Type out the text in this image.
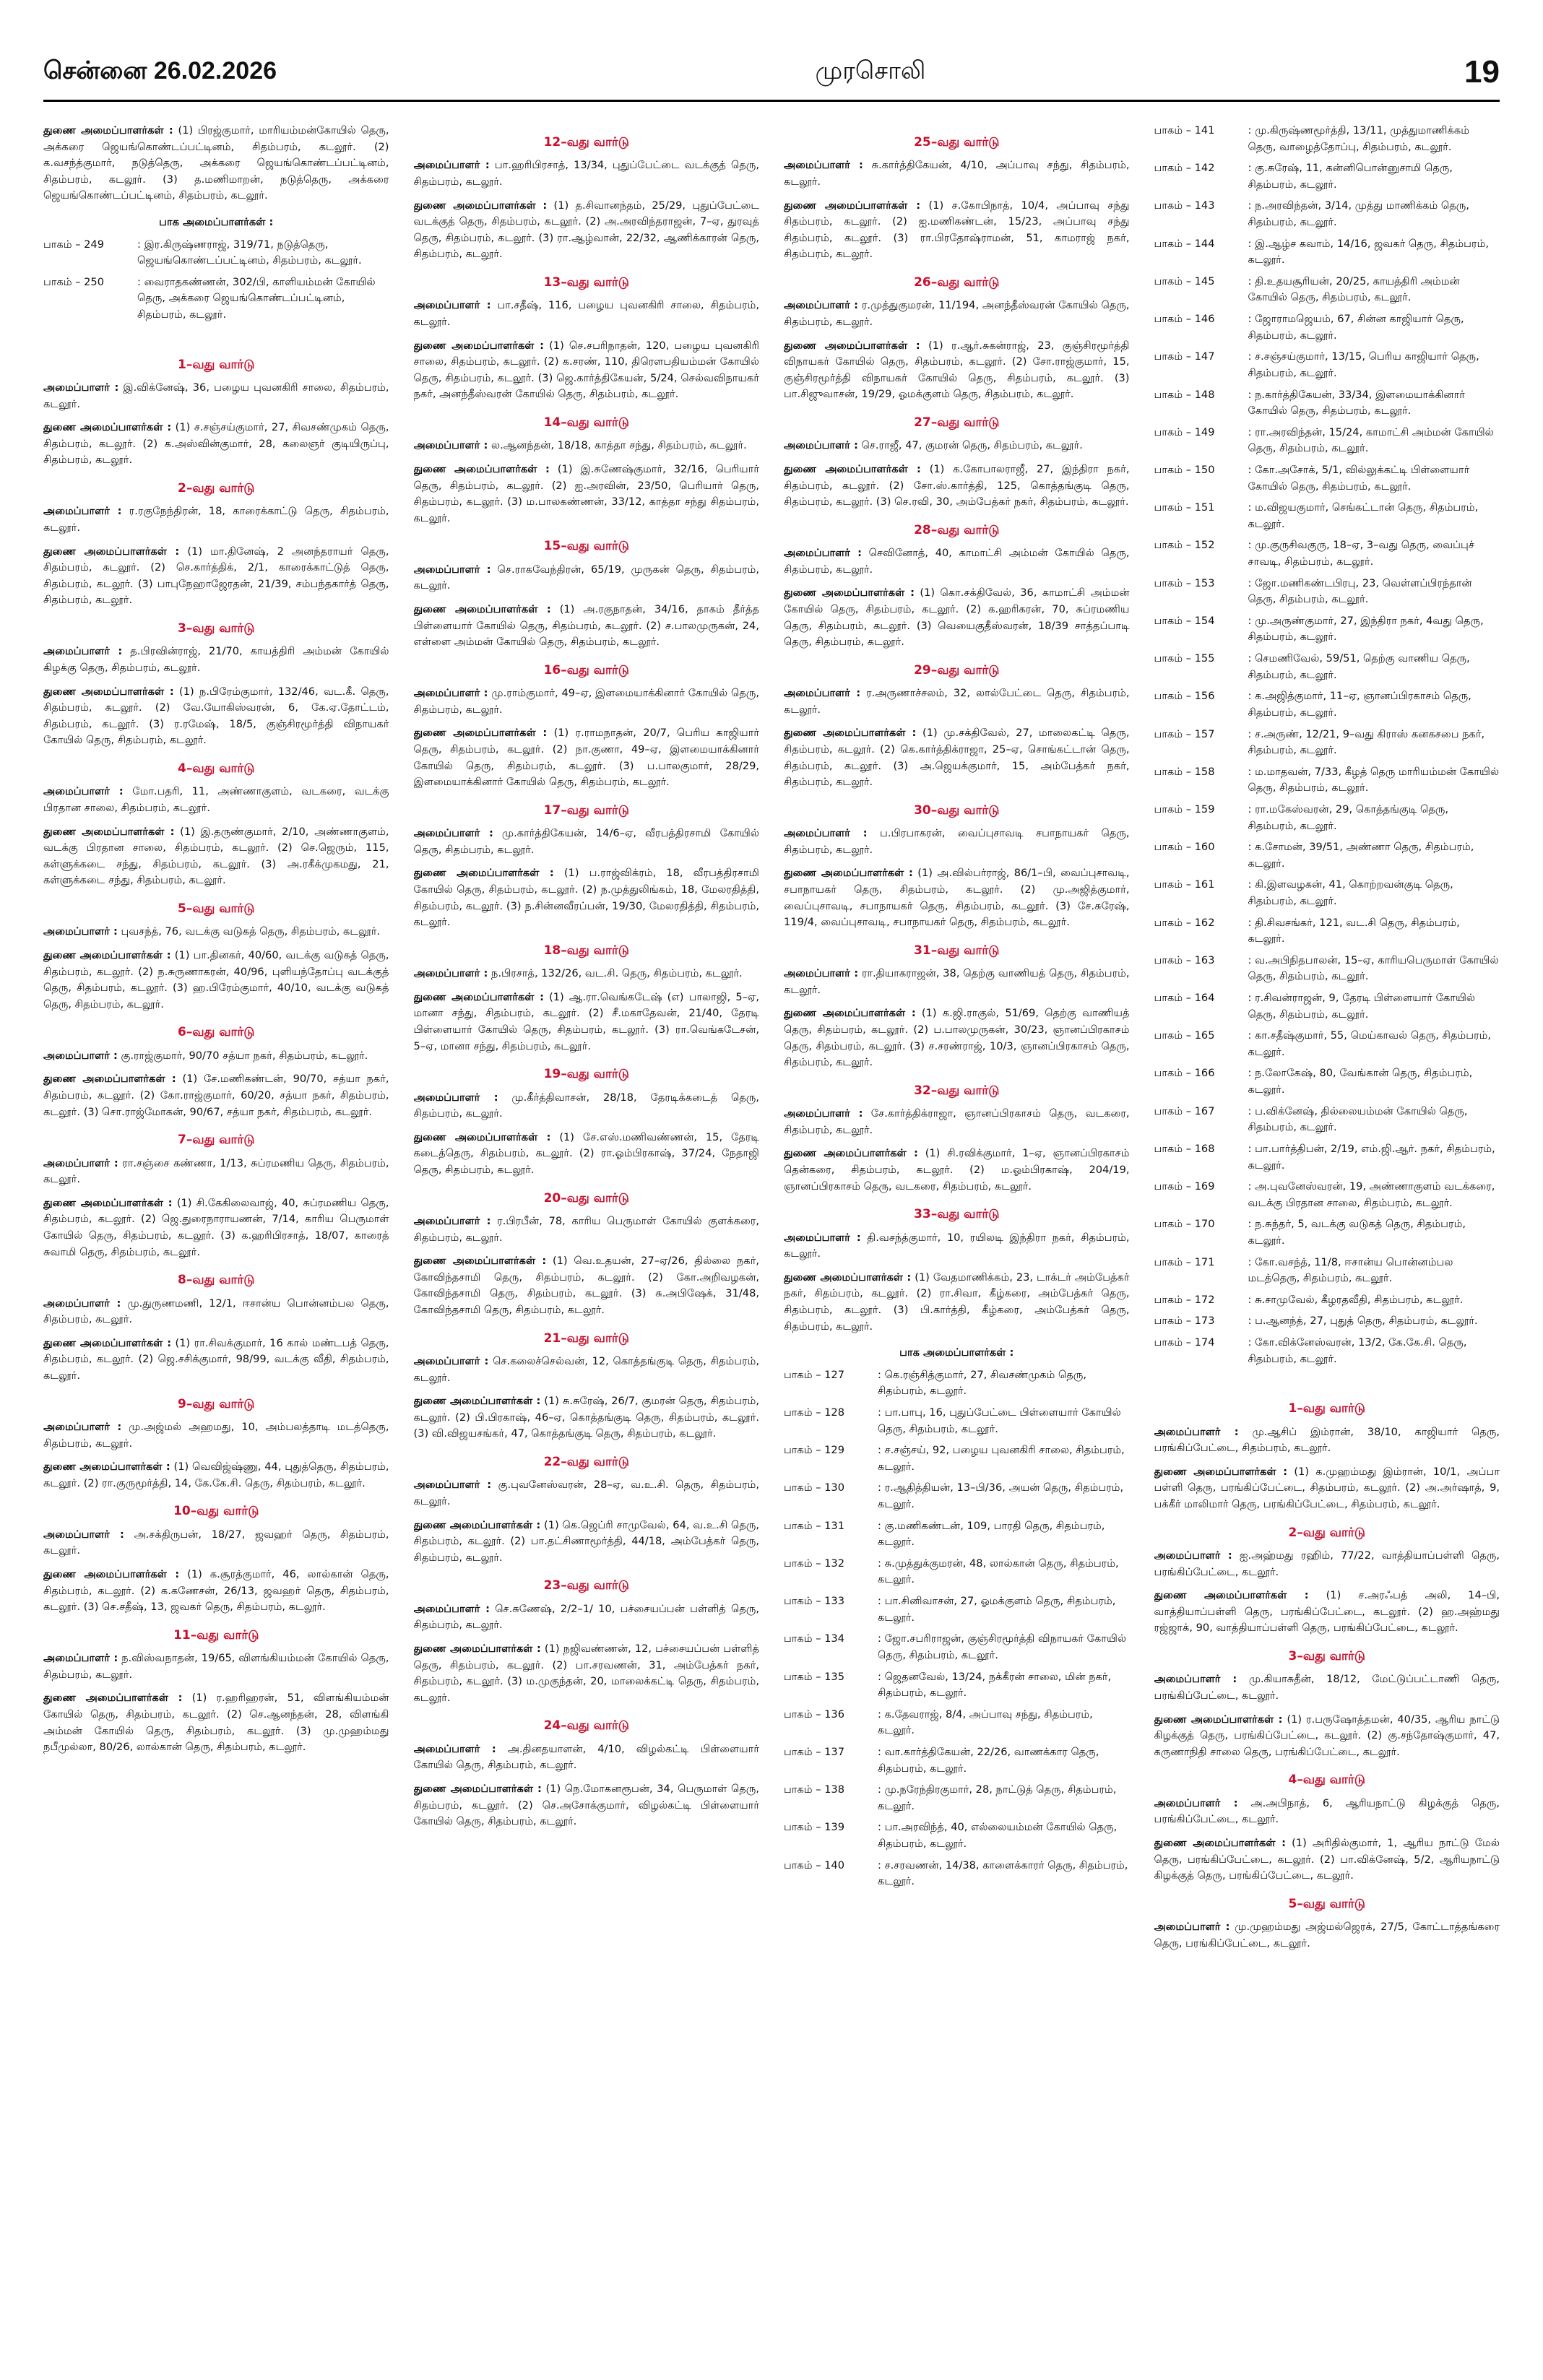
சென்னை 26.02.2026	முரசொலி	19

துணை அமைப்பாளர்கள் : (1) பிரஜ்குமார், மாரியம்மன்கோயில் தெரு, அக்கரை ஜெயங்கொண்டப்பட்டினம், சிதம்பரம், கடலூர். (2) க.வசந்த்குமார், நடுத்தெரு, அக்கரை ஜெயங்கொண்டப்பட்டினம், சிதம்பரம், கடலூர். (3) த.மணிமாறன், நடுத்தெரு, அக்கரை ஜெயங்கொண்டப்பட்டினம், சிதம்பரம், கடலூர்.

பாக அமைப்பாளர்கள் :
பாகம் – 249	: இர.கிருஷ்ணராஜ், 319/71, நடுத்தெரு, ஜெயங்கொண்டப்பட்டினம், சிதம்பரம், கடலூர்.
பாகம் – 250	: வைராதகண்ணன், 302/பி, காளியம்மன் கோயில் தெரு, அக்கரை ஜெயங்கொண்டப்பட்டினம், சிதம்பரம், கடலூர்.
1–வது வார்டு

அமைப்பாளர் : இ.விக்னேஷ், 36, பழைய புவனகிரி சாலை, சிதம்பரம், கடலூர்.

துணை அமைப்பாளர்கள் : (1) ச.சஞ்சய்குமார், 27, சிவசண்முகம் தெரு, சிதம்பரம், கடலூர். (2) க.அஸ்வின்குமார், 28, கலைஞர் குடியிருப்பு, சிதம்பரம், கடலூர்.

2–வது வார்டு

அமைப்பாளர் : ர.ரகுநேந்திரன், 18, காரைக்காட்டு தெரு, சிதம்பரம், கடலூர்.

துணை அமைப்பாளர்கள் : (1) மா.தினேஷ், 2 அனந்தராயர் தெரு, சிதம்பரம், கடலூர். (2) செ.கார்த்திக், 2/1, காரைக்காட்டுத் தெரு, சிதம்பரம், கடலூர். (3) பாபுநேஹாஜேரதன், 21/39, சம்பந்தகார்த் தெரு, சிதம்பரம், கடலூர்.

3–வது வார்டு

அமைப்பாளர் : த.பிரவின்ராஜ், 21/70, காயத்திரி அம்மன் கோயில் கிழக்கு தெரு, சிதம்பரம், கடலூர்.

துணை அமைப்பாளர்கள் : (1) ந.பிரேம்குமார், 132/46, வட.கீ. தெரு, சிதம்பரம், கடலூர். (2) வே.யோகிஸ்வரன், 6, கே.ஏ.தோட்டம், சிதம்பரம், கடலூர். (3) ர.ரமேஷ், 18/5, குஞ்சிரமூர்த்தி விநாயகர் கோயில் தெரு, சிதம்பரம், கடலூர்.

4–வது வார்டு

அமைப்பாளர் : மோ.பதரி, 11, அண்ணாகுளம், வடகரை, வடக்கு பிரதான சாலை, சிதம்பரம், கடலூர்.

துணை அமைப்பாளர்கள் : (1) இ.தருண்குமார், 2/10, அண்ணாகுளம், வடக்கு பிரதான சாலை, சிதம்பரம், கடலூர். (2) செ.ஜெரும், 115, கள்ளுக்கடை சந்து, சிதம்பரம், கடலூர். (3) அ.ரகீக்முகமது, 21, கள்ளுக்கடை சந்து, சிதம்பரம், கடலூர்.

5–வது வார்டு

அமைப்பாளர் : புவசந்த், 76, வடக்கு வடுகத் தெரு, சிதம்பரம், கடலூர்.

துணை அமைப்பாளர்கள் : (1) பா.தினகர், 40/60, வடக்கு வடுகத் தெரு, சிதம்பரம், கடலூர். (2) ந.சுருணாகரன், 40/96, புளியந்தோப்பு வடக்குத் தெரு, சிதம்பரம், கடலூர். (3) ஹ.பிரேம்குமார், 40/10, வடக்கு வடுகத் தெரு, சிதம்பரம், கடலூர்.

6–வது வார்டு

அமைப்பாளர் : கு.ராஜ்குமார், 90/70 சத்யா நகர், சிதம்பரம், கடலூர்.

துணை அமைப்பாளர்கள் : (1) சே.மணிகண்டன், 90/70, சத்யா நகர், சிதம்பரம், கடலூர். (2) கோ.ராஜ்குமார், 60/20, சத்யா நகர், சிதம்பரம், கடலூர். (3) சொ.ராஜ்மோகன், 90/67, சத்யா நகர், சிதம்பரம், கடலூர்.

7–வது வார்டு

அமைப்பாளர் : ரா.சஞ்சை கண்ணா, 1/13, சுப்ரமணிய தெரு, சிதம்பரம், கடலூர்.

துணை அமைப்பாளர்கள் : (1) சி.கேகிலைவாஜ், 40, சுப்ரமணிய தெரு, சிதம்பரம், கடலூர். (2) ஜெ.துரைநாராயணன், 7/14, காரிய பெருமாள் கோயில் தெரு, சிதம்பரம், கடலூர். (3) க.ஹரிபிரசாத், 18/07, காரைத் சுவாமி தெரு, சிதம்பரம், கடலூர்.

8–வது வார்டு

அமைப்பாளர் : மு.துருணமணி, 12/1, ஈசான்ய பொன்னம்பல தெரு, சிதம்பரம், கடலூர்.

துணை அமைப்பாளர்கள் : (1) ரா.சிவக்குமார், 16 கால் மண்டபத் தெரு, சிதம்பரம், கடலூர். (2) ஜெ.சசிக்குமார், 98/99, வடக்கு வீதி, சிதம்பரம், கடலூர்.

9–வது வார்டு

அமைப்பாளர் : மு.அஜ்மல் அஹமது, 10, அம்பலத்தாடி மடத்தெரு, சிதம்பரம், கடலூர்.

துணை அமைப்பாளர்கள் : (1) வெவிஜ்ஷ்ணு, 44, புதுத்தெரு, சிதம்பரம், கடலூர். (2) ரா.குருமூர்த்தி, 14, கே.கே.சி. தெரு, சிதம்பரம், கடலூர்.

10–வது வார்டு

அமைப்பாளர் : அ.சக்திருபன், 18/27, ஜவஹர் தெரு, சிதம்பரம், கடலூர்.

துணை அமைப்பாளர்கள் : (1) க.சூரத்குமார், 46, லால்கான் தெரு, சிதம்பரம், கடலூர். (2) க.கணேசன், 26/13, ஜவஹர் தெரு, சிதம்பரம், கடலூர். (3) செ.சதீஷ், 13, ஜவகர் தெரு, சிதம்பரம், கடலூர்.

11–வது வார்டு

அமைப்பாளர் : ந.விஸ்வநாதன், 19/65, விளங்கியம்மன் கோயில் தெரு, சிதம்பரம், கடலூர்.

துணை அமைப்பாளர்கள் : (1) ர.ஹரிஹரன், 51, விளங்கியம்மன் கோயில் தெரு, சிதம்பரம், கடலூர். (2) செ.ஆனந்தன், 28, விளங்கி அம்மன் கோயில் தெரு, சிதம்பரம், கடலூர். (3) மு.முஹம்மது நபீமுல்லா, 80/26, லால்கான் தெரு, சிதம்பரம், கடலூர்.

12–வது வார்டு

அமைப்பாளர் : பா.ஹரிபிரசாத், 13/34, புதுப்பேட்டை வடக்குத் தெரு, சிதம்பரம், கடலூர்.

துணை அமைப்பாளர்கள் : (1) த.சிவானந்தம், 25/29, புதுப்பேட்டை வடக்குத் தெரு, சிதம்பரம், கடலூர். (2) அ.அரவிந்தராஜன், 7–ஏ, துரவுத் தெரு, சிதம்பரம், கடலூர். (3) ரா.ஆழ்வான், 22/32, ஆணிக்காரன் தெரு, சிதம்பரம், கடலூர்.

13–வது வார்டு

அமைப்பாளர் : பா.சதீஷ், 116, பழைய புவனகிரி சாலை, சிதம்பரம், கடலூர்.

துணை அமைப்பாளர்கள் : (1) செ.சபரிநாதன், 120, பழைய புவனகிரி சாலை, சிதம்பரம், கடலூர். (2) க.சரண், 110, திரௌபதியம்மன் கோயில் தெரு, சிதம்பரம், கடலூர். (3) ஜெ.கார்த்திகேயன், 5/24, செல்வவிநாயகர் நகர், அனந்தீஸ்வரன் கோயில் தெரு, சிதம்பரம், கடலூர்.

14–வது வார்டு

அமைப்பாளர் : ல.ஆனந்தன், 18/18, காத்தா சந்து, சிதம்பரம், கடலூர்.

துணை அமைப்பாளர்கள் : (1) இ.சுணேஷ்குமார், 32/16, பெரியார் தெரு, சிதம்பரம், கடலூர். (2) ஐ.அரவின், 23/50, பெரியார் தெரு, சிதம்பரம், கடலூர். (3) ம.பாலகண்ணன், 33/12, காத்தா சந்து சிதம்பரம், கடலூர்.

15–வது வார்டு

அமைப்பாளர் : செ.ராகவேந்திரன், 65/19, முருகன் தெரு, சிதம்பரம், கடலூர்.

துணை அமைப்பாளர்கள் : (1) அ.ரகுநாதன், 34/16, தாகம் தீர்த்த பிள்ளையார் கோயில் தெரு, சிதம்பரம், கடலூர். (2) ச.பாலமுருகன், 24, எள்ளை அம்மன் கோயில் தெரு, சிதம்பரம், கடலூர்.

16–வது வார்டு

அமைப்பாளர் : மு.ராம்குமார், 49–ஏ, இளமையாக்கினார் கோயில் தெரு, சிதம்பரம், கடலூர்.

துணை அமைப்பாளர்கள் : (1) ர.ராமநாதன், 20/7, பெரிய காஜியார் தெரு, சிதம்பரம், கடலூர். (2) நா.குணா, 49–ஏ, இளமையாக்கினார் கோயில் தெரு, சிதம்பரம், கடலூர். (3) ப.பாலகுமார், 28/29, இளமையாக்கினார் கோயில் தெரு, சிதம்பரம், கடலூர்.

17–வது வார்டு

அமைப்பாளர் : மு.கார்த்திகேயன், 14/6–ஏ, வீரபத்திரசாமி கோயில் தெரு, சிதம்பரம், கடலூர்.

துணை அமைப்பாளர்கள் : (1) ப.ராஜ்விக்ரம், 18, வீரபத்திரசாமி கோயில் தெரு, சிதம்பரம், கடலூர். (2) ந.முத்துலிங்கம், 18, மேலரதித்தி, சிதம்பரம், கடலூர். (3) ந.சின்னவீரப்பன், 19/30, மேலரதித்தி, சிதம்பரம், கடலூர்.

18–வது வார்டு

அமைப்பாளர் : ந.பிரசாத், 132/26, வட.சி. தெரு, சிதம்பரம், கடலூர்.

துணை அமைப்பாளர்கள் : (1) ஆ.ரா.வெங்கடேஷ் (எ) பாலாஜி, 5–ஏ, மானா சந்து, சிதம்பரம், கடலூர். (2) சீ.மகாதேவன், 21/40, தேரடி பிள்ளையார் கோயில் தெரு, சிதம்பரம், கடலூர். (3) ரா.வெங்கடேசன், 5–ஏ, மானா சந்து, சிதம்பரம், கடலூர்.

19–வது வார்டு

அமைப்பாளர் : மு.கீர்த்திவாசன், 28/18, தேரடிக்கடைத் தெரு, சிதம்பரம், கடலூர்.

துணை அமைப்பாளர்கள் : (1) சே.எஸ்.மணிவண்ணன், 15, தேரடி கடைத்தெரு, சிதம்பரம், கடலூர். (2) ரா.ஓம்பிரகாஷ், 37/24, நேதாஜி தெரு, சிதம்பரம், கடலூர்.

20–வது வார்டு

அமைப்பாளர் : ர.பிரபீன், 78, காரிய பெருமாள் கோயில் குளக்கரை, சிதம்பரம், கடலூர்.

துணை அமைப்பாளர்கள் : (1) வெ.உதயன், 27–ஏ/26, தில்லை நகர், கோவிந்தசாமி தெரு, சிதம்பரம், கடலூர். (2) கோ.அறிவழகன், கோவிந்தசாமி தெரு, சிதம்பரம், கடலூர். (3) சு.அபிஷேக், 31/48, கோவிந்தசாமி தெரு, சிதம்பரம், கடலூர்.

21–வது வார்டு

அமைப்பாளர் : செ.கலைச்செல்வன், 12, கொத்தங்குடி தெரு, சிதம்பரம், கடலூர்.

துணை அமைப்பாளர்கள் : (1) சு.சுரேஷ், 26/7, குமரன் தெரு, சிதம்பரம், கடலூர். (2) பி.பிரகாஷ், 46–ஏ, கொத்தங்குடி தெரு, சிதம்பரம், கடலூர். (3) வி.விஜயசங்கர், 47, கொத்தங்குடி தெரு, சிதம்பரம், கடலூர்.

22–வது வார்டு

அமைப்பாளர் : கு.புவனேஸ்வரன், 28–ஏ, வ.உ.சி. தெரு, சிதம்பரம், கடலூர்.

துணை அமைப்பாளர்கள் : (1) கெ.ஜெப்ரி சாமுவேல், 64, வ.உ.சி தெரு, சிதம்பரம், கடலூர். (2) பா.தட்சிணாமூர்த்தி, 44/18, அம்பேத்கர் தெரு, சிதம்பரம், கடலூர்.

23–வது வார்டு

அமைப்பாளர் : செ.சுணேஷ், 2/2–1/ 10, பச்சையப்பன் பள்ளித் தெரு, சிதம்பரம், கடலூர்.

துணை அமைப்பாளர்கள் : (1) நஜிவண்ணன், 12, பச்சையப்பன் பள்ளித் தெரு, சிதம்பரம், கடலூர். (2) பா.சரவணன், 31, அம்பேத்கர் நகர், சிதம்பரம், கடலூர். (3) ம.முகுந்தன், 20, மாலைக்கட்டி தெரு, சிதம்பரம், கடலூர்.

24–வது வார்டு

அமைப்பாளர் : அ.தினதயாளன், 4/10, விழல்கட்டி பிள்ளையார் கோயில் தெரு, சிதம்பரம், கடலூர்.

துணை அமைப்பாளர்கள் : (1) நெ.மோகனரூபன், 34, பெருமாள் தெரு, சிதம்பரம், கடலூர். (2) செ.அசோக்குமார், விழல்கட்டி பிள்ளையார் கோயில் தெரு, சிதம்பரம், கடலூர்.

25–வது வார்டு

அமைப்பாளர் : சு.கார்த்திகேயன், 4/10, அப்பாவு சந்து, சிதம்பரம், கடலூர்.

துணை அமைப்பாளர்கள் : (1) ச.கோபிநாத், 10/4, அப்பாவு சந்து சிதம்பரம், கடலூர். (2) ஐ.மணிகண்டன், 15/23, அப்பாவு சந்து சிதம்பரம், கடலூர். (3) ரா.பிரதோஷ்ராமன், 51, காமராஜ் நகர், சிதம்பரம், கடலூர்.

26–வது வார்டு

அமைப்பாளர் : ர.முத்துகுமரன், 11/194, அனந்தீஸ்வரன் கோயில் தெரு, சிதம்பரம், கடலூர்.

துணை அமைப்பாளர்கள் : (1) ர.ஆர்.சுகன்ராஜ், 23, குஞ்சிரமூர்த்தி விநாயகர் கோயில் தெரு, சிதம்பரம், கடலூர். (2) சோ.ராஜ்குமார், 15, குஞ்சிரமூர்த்தி விநாயகர் கோயில் தெரு, சிதம்பரம், கடலூர். (3) பா.சிஜுவாசன், 19/29, ஓமக்குளம் தெரு, சிதம்பரம், கடலூர்.

27–வது வார்டு

அமைப்பாளர் : செ.ராஜீ, 47, குமரன் தெரு, சிதம்பரம், கடலூர்.

துணை அமைப்பாளர்கள் : (1) க.கோபாலராஜீ, 27, இந்திரா நகர், சிதம்பரம், கடலூர். (2) சோ.ஸ்.கார்த்தி, 125, கொத்தங்குடி தெரு, சிதம்பரம், கடலூர். (3) செ.ரவி, 30, அம்பேத்கர் நகர், சிதம்பரம், கடலூர்.

28–வது வார்டு

அமைப்பாளர் : செவினோத், 40, காமாட்சி அம்மன் கோயில் தெரு, சிதம்பரம், கடலூர்.

துணை அமைப்பாளர்கள் : (1) கொ.சக்திவேல், 36, காமாட்சி அம்மன் கோயில் தெரு, சிதம்பரம், கடலூர். (2) க.ஹரிகரன், 70, சுப்ரமணிய தெரு, சிதம்பரம், கடலூர். (3) வெயைகுதீஸ்வரன், 18/39 சாத்தப்பாடி தெரு, சிதம்பரம், கடலூர்.

29–வது வார்டு

அமைப்பாளர் : ர.அருணாச்சலம், 32, லால்பேட்டை தெரு, சிதம்பரம், கடலூர்.

துணை அமைப்பாளர்கள் : (1) மு.சக்திவேல், 27, மாலைகட்டி தெரு, சிதம்பரம், கடலூர். (2) கெ.கார்த்திக்ராஜா, 25–ஏ, சொங்கட்டான் தெரு, சிதம்பரம், கடலூர். (3) அ.ஜெயக்குமார், 15, அம்பேத்கர் நகர், சிதம்பரம், கடலூர்.

30–வது வார்டு

அமைப்பாளர் : ப.பிரபாகரன், வைப்புசாவடி சபாநாயகர் தெரு, சிதம்பரம், கடலூர்.

துணை அமைப்பாளர்கள் : (1) அ.வில்பர்ராஜ், 86/1–பி, வைப்புசாவடி, சபாநாயகர் தெரு, சிதம்பரம், கடலூர். (2) மு.அஜித்குமார், வைப்புசாவடி, சபாநாயகர் தெரு, சிதம்பரம், கடலூர். (3) சே.சுரேஷ், 119/4, வைப்புசாவடி, சபாநாயகர் தெரு, சிதம்பரம், கடலூர்.

31–வது வார்டு

அமைப்பாளர் : ரா.தியாகராஜன், 38, தெற்கு வாணியத் தெரு, சிதம்பரம், கடலூர்.

துணை அமைப்பாளர்கள் : (1) க.ஜி.ராகுல், 51/69, தெற்கு வாணியத் தெரு, சிதம்பரம், கடலூர். (2) ப.பாலமுருகன், 30/23, ஞானப்பிரகாசம் தெரு, சிதம்பரம், கடலூர். (3) ச.சரண்ராஜ், 10/3, ஞானப்பிரகாசம் தெரு, சிதம்பரம், கடலூர்.

32–வது வார்டு

அமைப்பாளர் : சே.கார்த்திக்ராஜா, ஞானப்பிரகாசம் தெரு, வடகரை, சிதம்பரம், கடலூர்.

துணை அமைப்பாளர்கள் : (1) சி.ரவிக்குமார், 1–ஏ, ஞானப்பிரகாசம் தென்கரை, சிதம்பரம், கடலூர். (2) ம.ஓம்பிரகாஷ், 204/19, ஞானப்பிரகாசம் தெரு, வடகரை, சிதம்பரம், கடலூர்.

33–வது வார்டு

அமைப்பாளர் : தி.வசந்த்குமார், 10, ரயிலடி இந்திரா நகர், சிதம்பரம், கடலூர்.

துணை அமைப்பாளர்கள் : (1) வேதமாணிக்கம், 23, டாக்டர் அம்பேத்கர் நகர், சிதம்பரம், கடலூர். (2) ரா.சிவா, கீழ்கரை, அம்பேத்கர் தெரு, சிதம்பரம், கடலூர். (3) பி.கார்த்தி, கீழ்கரை, அம்பேத்கர் தெரு, சிதம்பரம், கடலூர்.

பாக அமைப்பாளர்கள் :
பாகம் – 127	: கெ.ரஞ்சித்குமார், 27, சிவசண்முகம் தெரு, சிதம்பரம், கடலூர்.
பாகம் – 128	: பா.பாபு, 16, புதுப்பேட்டை பிள்ளையார் கோயில் தெரு, சிதம்பரம், கடலூர்.
பாகம் – 129	: ச.சஞ்சய், 92, பழைய புவனகிரி சாலை, சிதம்பரம், கடலூர்.
பாகம் – 130	: ர.ஆதித்தியன், 13–பி/36, அயன் தெரு, சிதம்பரம், கடலூர்.
பாகம் – 131	: கு.மணிகண்டன், 109, பாரதி தெரு, சிதம்பரம், கடலூர்.
பாகம் – 132	: சு.முத்துக்குமரன், 48, லால்கான் தெரு, சிதம்பரம், கடலூர்.
பாகம் – 133	: பா.சினிவாசன், 27, ஓமக்குளம் தெரு, சிதம்பரம், கடலூர்.
பாகம் – 134	: ஜோ.சபரிராஜன், குஞ்சிரமூர்த்தி விநாயகர் கோயில் தெரு, சிதம்பரம், கடலூர்.
பாகம் – 135	: ஜெதனவேல், 13/24, நக்கீரன் சாலை, மின் நகர், சிதம்பரம், கடலூர்.
பாகம் – 136	: க.தேவராஜ், 8/4, அப்பாவு சந்து, சிதம்பரம், கடலூர்.
பாகம் – 137	: வா.கார்த்திகேயன், 22/26, வாணக்கார தெரு, சிதம்பரம், கடலூர்.
பாகம் – 138	: மு.நரேந்திரகுமார், 28, நாட்டுத் தெரு, சிதம்பரம், கடலூர்.
பாகம் – 139	: பா.அரவிந்த், 40, எல்லையம்மன் கோயில் தெரு, சிதம்பரம், கடலூர்.
பாகம் – 140	: ச.சரவணன், 14/38, காளைக்காரர் தெரு, சிதம்பரம், கடலூர்.
பாகம் – 141	: மு.கிருஷ்ணமூர்த்தி, 13/11, முத்துமாணிக்கம் தெரு, வாழைத்தோப்பு, சிதம்பரம், கடலூர்.
பாகம் – 142	: கு.சுரேஷ், 11, கன்னிபொன்னுசாமி தெரு, சிதம்பரம், கடலூர்.
பாகம் – 143	: ந.அரவிந்தன், 3/14, முத்து மாணிக்கம் தெரு, சிதம்பரம், கடலூர்.
பாகம் – 144	: இ.ஆழ்ச கவாம், 14/16, ஜவகர் தெரு, சிதம்பரம், கடலூர்.
பாகம் – 145	: தி.உதயசூரியன், 20/25, காயத்திரி அம்மன் கோயில் தெரு, சிதம்பரம், கடலூர்.
பாகம் – 146	: ஜோராமஜெயம், 67, சின்ன காஜியார் தெரு, சிதம்பரம், கடலூர்.
பாகம் – 147	: ச.சஞ்சய்குமார், 13/15, பெரிய காஜியார் தெரு, சிதம்பரம், கடலூர்.
பாகம் – 148	: ந.கார்த்திகேயன், 33/34, இளமையாக்கினார் கோயில் தெரு, சிதம்பரம், கடலூர்.
பாகம் – 149	: ரா.அரவிந்தன், 15/24, காமாட்சி அம்மன் கோயில் தெரு, சிதம்பரம், கடலூர்.
பாகம் – 150	: கோ.அசோக், 5/1, வில்லுக்கட்டி பிள்ளையார் கோயில் தெரு, சிதம்பரம், கடலூர்.
பாகம் – 151	: ம.விஜயகுமார், செங்கட்டான் தெரு, சிதம்பரம், கடலூர்.
பாகம் – 152	: மு.குருசிவகுரு, 18–ஏ, 3–வது தெரு, வைப்புச் சாவடி, சிதம்பரம், கடலூர்.
பாகம் – 153	: ஜோ.மணிகண்டபிரபு, 23, வெள்ளப்பிரந்தான் தெரு, சிதம்பரம், கடலூர்.
பாகம் – 154	: மு.அருண்குமார், 27, இந்திரா நகர், 4வது தெரு, சிதம்பரம், கடலூர்.
பாகம் – 155	: செமணிவேல், 59/51, தெற்கு வாணிய தெரு, சிதம்பரம், கடலூர்.
பாகம் – 156	: க.அஜித்குமார், 11–ஏ, ஞானப்பிரகாசம் தெரு, சிதம்பரம், கடலூர்.
பாகம் – 157	: ச.அருண், 12/21, 9–வது கிராஸ் கனகசபை நகர், சிதம்பரம், கடலூர்.
பாகம் – 158	: ம.மாதவன், 7/33, கீழத் தெரு மாரியம்மன் கோயில் தெரு, சிதம்பரம், கடலூர்.
பாகம் – 159	: ரா.மகேஸ்வரன், 29, கொத்தங்குடி தெரு, சிதம்பரம், கடலூர்.
பாகம் – 160	: க.சோமன், 39/51, அண்ணா தெரு, சிதம்பரம், கடலூர்.
பாகம் – 161	: கி.இளவழகன், 41, கொற்றவன்குடி தெரு, சிதம்பரம், கடலூர்.
பாகம் – 162	: தி.சிவசங்கர், 121, வட.சி தெரு, சிதம்பரம், கடலூர்.
பாகம் – 163	: வ.அபிநிதபாலன், 15–ஏ, காரியபெருமாள் கோயில் தெரு, சிதம்பரம், கடலூர்.
பாகம் – 164	: ர.சிவன்ராஜன், 9, தேரடி பிள்ளையார் கோயில் தெரு, சிதம்பரம், கடலூர்.
பாகம் – 165	: கா.சதீஷ்குமார், 55, மெய்காவல் தெரு, சிதம்பரம், கடலூர்.
பாகம் – 166	: ந.லோகேஷ், 80, வேங்கான் தெரு, சிதம்பரம், கடலூர்.
பாகம் – 167	: ப.விக்னேஷ், தில்லையம்மன் கோயில் தெரு, சிதம்பரம், கடலூர்.
பாகம் – 168	: பா.பார்த்திபன், 2/19, எம்.ஜி.ஆர். நகர், சிதம்பரம், கடலூர்.
பாகம் – 169	: அ.புவனேஸ்வரன், 19, அண்ணாகுளம் வடக்கரை, வடக்கு பிரதான சாலை, சிதம்பரம், கடலூர்.
பாகம் – 170	: ந.சுந்தர், 5, வடக்கு வடுகத் தெரு, சிதம்பரம், கடலூர்.
பாகம் – 171	: கோ.வசந்த், 11/8, ஈசான்ய பொன்னம்பல மடத்தெரு, சிதம்பரம், கடலூர்.
பாகம் – 172	: சு.சாமுவேல், கீழரதவீதி, சிதம்பரம், கடலூர்.
பாகம் – 173	: ப.ஆனந்த், 27, புதுத் தெரு, சிதம்பரம், கடலூர்.
பாகம் – 174	: கோ.விக்னேஸ்வரன், 13/2, கே.கே.சி. தெரு, சிதம்பரம், கடலூர்.
1–வது வார்டு

அமைப்பாளர் : மு.ஆசிப் இம்ரான், 38/10, காஜியார் தெரு, பரங்கிப்பேட்டை, சிதம்பரம், கடலூர்.

துணை அமைப்பாளர்கள் : (1) க.முஹம்மது இம்ரான், 10/1, அப்பா பள்ளி தெரு, பரங்கிப்பேட்டை, சிதம்பரம், கடலூர். (2) அ.அர்ஷாத், 9, பக்கீர் மாலிமார் தெரு, பரங்கிப்பேட்டை, சிதம்பரம், கடலூர்.

2–வது வார்டு

அமைப்பாளர் : ஐ.அஹ்மது ரஹிம், 77/22, வாத்தியாப்பள்ளி தெரு, பரங்கிப்பேட்டை, கடலூர்.

துணை அமைப்பாளர்கள் : (1) ச.அரஃபத் அலி, 14–பி, வாத்தியாப்பள்ளி தெரு, பரங்கிப்பேட்டை, கடலூர். (2) ஹ.அஹ்மது ரஜ்ஜாக், 90, வாத்தியாப்பள்ளி தெரு, பரங்கிப்பேட்டை, கடலூர்.

3–வது வார்டு

அமைப்பாளர் : மு.கியாசுதீன், 18/12, மேட்டுப்பட்டாணி தெரு, பரங்கிப்பேட்டை, கடலூர்.

துணை அமைப்பாளர்கள் : (1) ர.பருஷோத்தமன், 40/35, ஆரிய நாட்டு கிழக்குத் தெரு, பரங்கிப்பேட்டை, கடலூர். (2) கு.சந்தோஷ்குமார், 47, கருணாநிதி சாலை தெரு, பரங்கிப்பேட்டை, கடலூர்.

4–வது வார்டு

அமைப்பாளர் : அ.அபிநாத், 6, ஆரியநாட்டு கிழக்குத் தெரு, பரங்கிப்பேட்டை, கடலூர்.

துணை அமைப்பாளர்கள் : (1) அரிதில்குமார், 1, ஆரிய நாட்டு மேல் தெரு, பரங்கிப்பேட்டை, கடலூர். (2) பா.விக்னேஷ், 5/2, ஆரியநாட்டு கிழக்குத் தெரு, பரங்கிப்பேட்டை, கடலூர்.

5–வது வார்டு

அமைப்பாளர் : மு.முஹம்மது அஜ்மல்ஜெரக், 27/5, கோட்டாத்தங்கரை தெரு, பரங்கிப்பேட்டை, கடலூர்.
